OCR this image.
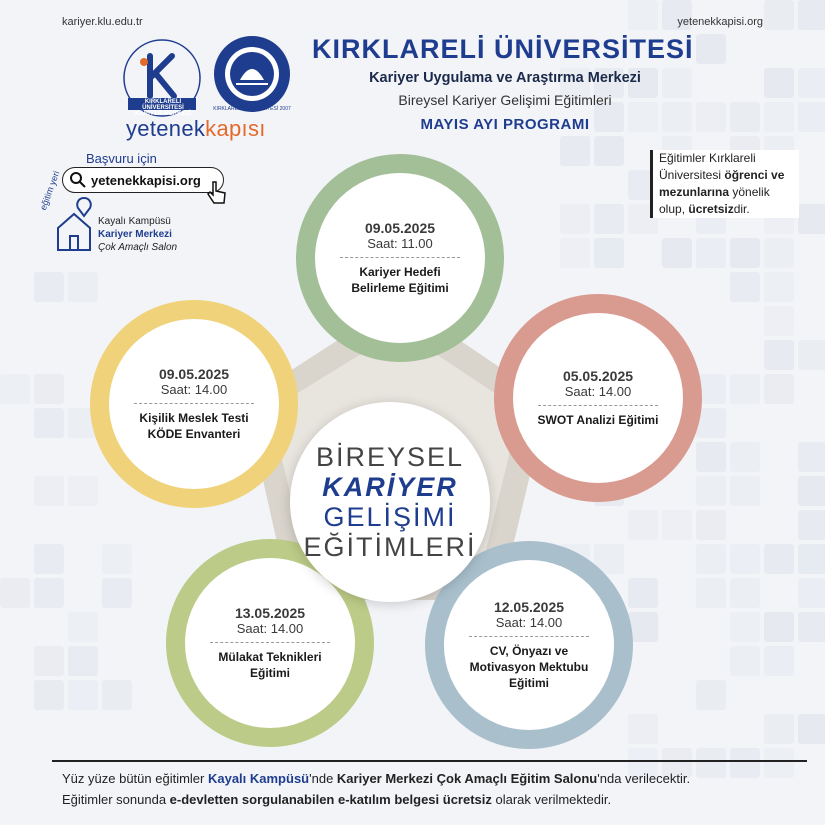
kariyer.klu.edu.tr	yetenekkapisi.org
KIRKLARELİ ÜNİVERSİTESİ KARİYER MERKEZİ
KIRKLARELİ ÜNİVERSİTESİ 2007
yetenekkapısı
KIRKLARELİ ÜNİVERSİTESİ
Kariyer Uygulama ve Araştırma Merkezi
Bireysel Kariyer Gelişimi Eğitimleri
MAYIS AYI PROGRAMI
Başvuru için
yetenekkapisi.org
eğitim yeri
Kayalı Kampüsü
Kariyer Merkezi
Çok Amaçlı Salon
Eğitimler Kırklareli Üniversitesi öğrenci ve mezunlarına yönelik olup, ücretsizdir.
09.05.2025
Saat: 11.00
Kariyer Hedefi Belirleme Eğitimi
05.05.2025
Saat: 14.00
SWOT Analizi Eğitimi
12.05.2025
Saat: 14.00
CV, Önyazı ve Motivasyon Mektubu Eğitimi
13.05.2025
Saat: 14.00
Mülakat Teknikleri Eğitimi
09.05.2025
Saat: 14.00
Kişilik Meslek Testi KÖDE Envanteri
BİREYSEL
KARİYER
GELİŞİMİ
EĞİTİMLERİ
Yüz yüze bütün eğitimler Kayalı Kampüsü'nde Kariyer Merkezi Çok Amaçlı Eğitim Salonu'nda verilecektir.
Eğitimler sonunda e-devletten sorgulanabilen e-katılım belgesi ücretsiz olarak verilmektedir.
